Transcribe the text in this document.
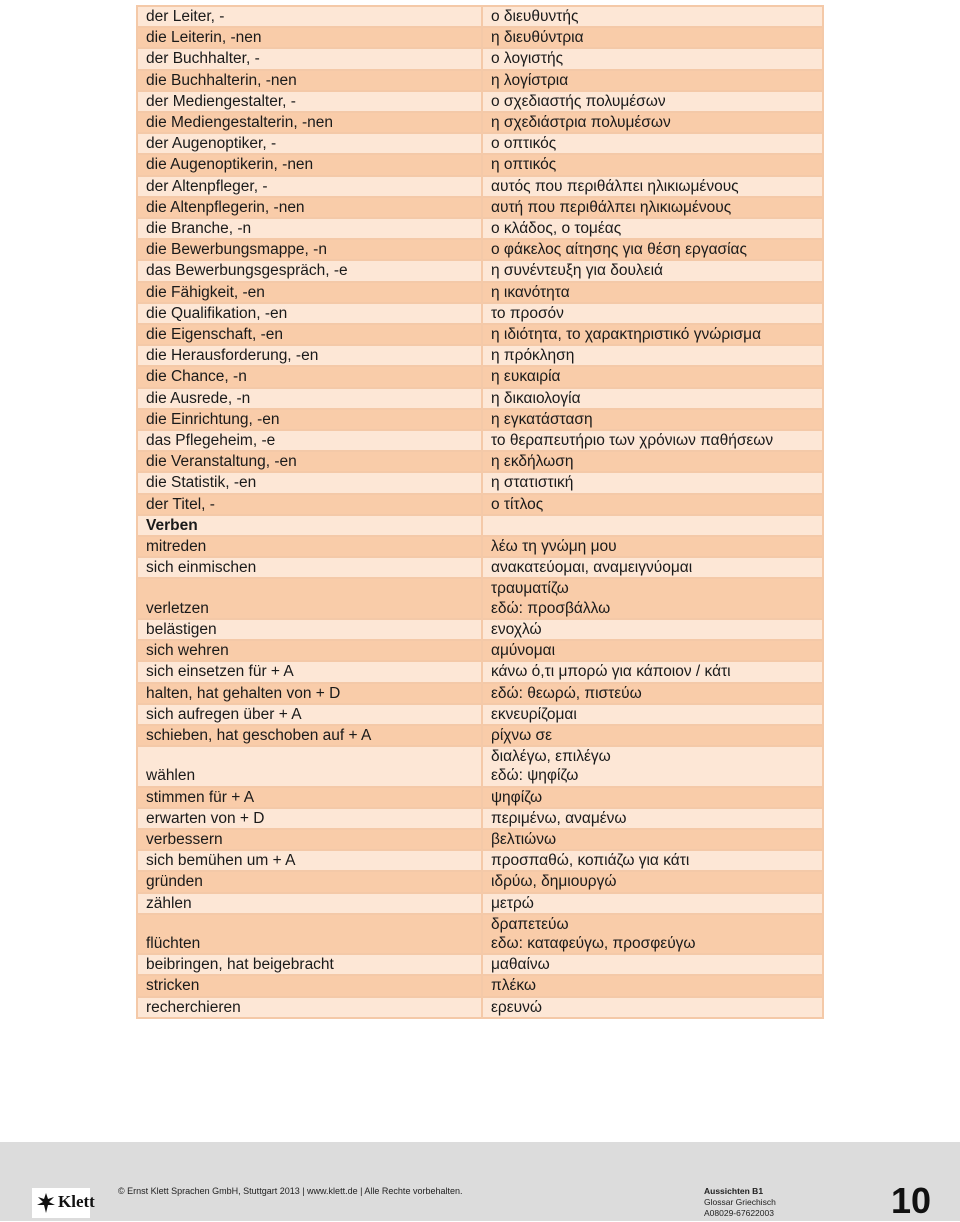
der Leiter, -	ο διευθυντής

die Leiterin, -nen	η διευθύντρια

der Buchhalter, -	ο λογιστής

die Buchhalterin, -nen	η λογίστρια

der Mediengestalter, -	ο σχεδιαστής πολυμέσων

die Mediengestalterin, -nen	η σχεδιάστρια πολυμέσων

der Augenoptiker, -	ο οπτικός

die Augenoptikerin, -nen	η οπτικός

der Altenpfleger, -	αυτός που περιθάλπει ηλικιωμένους

die Altenpflegerin, -nen	αυτή που περιθάλπει ηλικιωμένους

die Branche, -n	ο κλάδος, ο τομέας

die Bewerbungsmappe, -n	ο φάκελος αίτησης για θέση εργασίας

das Bewerbungsgespräch, -e	η συνέντευξη για δουλειά

die Fähigkeit, -en	η ικανότητα

die Qualifikation, -en	το προσόν

die Eigenschaft, -en	η ιδιότητα, το χαρακτηριστικό γνώρισμα

die Herausforderung, -en	η πρόκληση

die Chance, -n	η ευκαιρία

die Ausrede, -n	η δικαιολογία

die Einrichtung, -en	η εγκατάσταση

das Pflegeheim, -e	το θεραπευτήριο των χρόνιων παθήσεων

die Veranstaltung, -en	η εκδήλωση

die Statistik, -en	η στατιστική

der Titel, -	ο τίτλος

Verben	

mitreden	λέω τη γνώμη μου

sich einmischen	ανακατεύομαι, αναμειγνύομαι

verletzen	τραυματίζω
εδώ: προσβάλλω

belästigen	ενοχλώ

sich wehren	αμύνομαι

sich einsetzen für + A	κάνω ό,τι μπορώ για κάποιον / κάτι

halten, hat gehalten von + D	εδώ: θεωρώ, πιστεύω

sich aufregen über + A	εκνευρίζομαι

schieben, hat geschoben auf + A	ρίχνω σε

wählen	διαλέγω, επιλέγω
εδώ: ψηφίζω

stimmen für + A	ψηφίζω

erwarten von + D	περιμένω, αναμένω

verbessern	βελτιώνω

sich bemühen um + A	προσπαθώ, κοπιάζω για κάτι

gründen	ιδρύω, δημιουργώ

zählen	μετρώ

flüchten	δραπετεύω
εδω: καταφεύγω, προσφεύγω

beibringen, hat beigebracht	μαθαίνω

stricken	πλέκω

recherchieren	ερευνώ
Klett
© Ernst Klett Sprachen GmbH, Stuttgart 2013 | www.klett.de | Alle Rechte vorbehalten.	Aussichten B1
Glossar Griechisch
A08029-67622003	10
